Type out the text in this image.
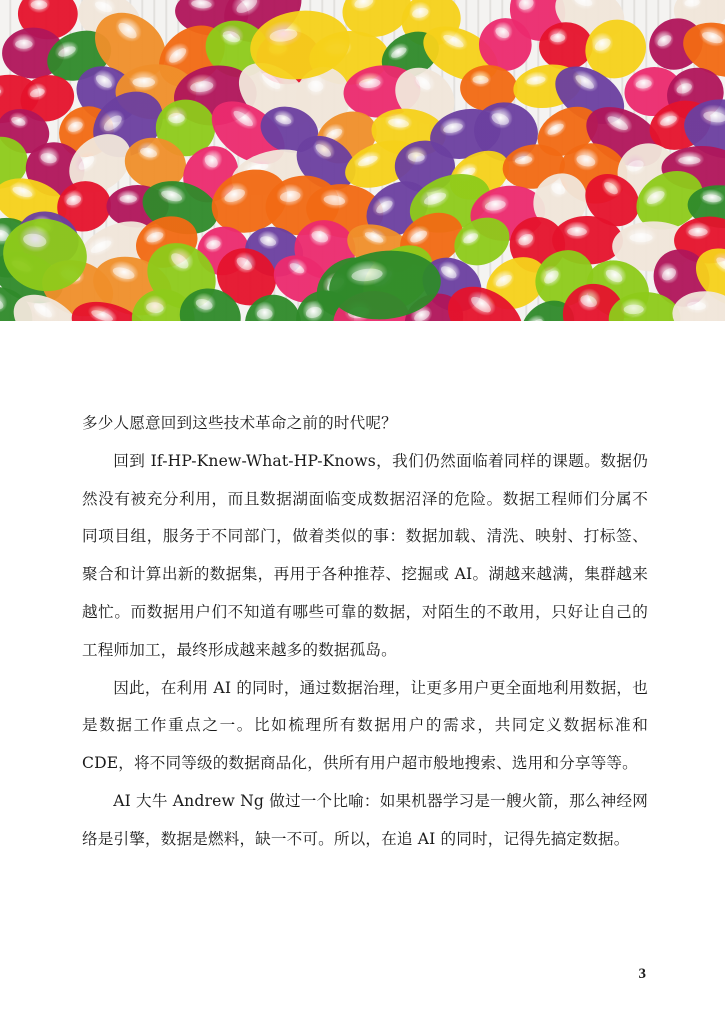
多少人愿意回到这些技术革命之前的时代呢？

回到 If-HP-Knew-What-HP-Knows，我们仍然面临着同样的课题。数据仍然没有被充分利用，而且数据湖面临变成数据沼泽的危险。数据工程师们分属不同项目组，服务于不同部门，做着类似的事：数据加载、清洗、映射、打标签、聚合和计算出新的数据集，再用于各种推荐、挖掘或 AI。湖越来越满，集群越来越忙。而数据用户们不知道有哪些可靠的数据，对陌生的不敢用，只好让自己的工程师加工，最终形成越来越多的数据孤岛。

因此，在利用 AI 的同时，通过数据治理，让更多用户更全面地利用数据，也是数据工作重点之一。比如梳理所有数据用户的需求，共同定义数据标准和 CDE，将不同等级的数据商品化，供所有用户超市般地搜索、选用和分享等等。

AI 大牛 Andrew Ng 做过一个比喻：如果机器学习是一艘火箭，那么神经网络是引擎，数据是燃料，缺一不可。所以，在追 AI 的同时，记得先搞定数据。

3
